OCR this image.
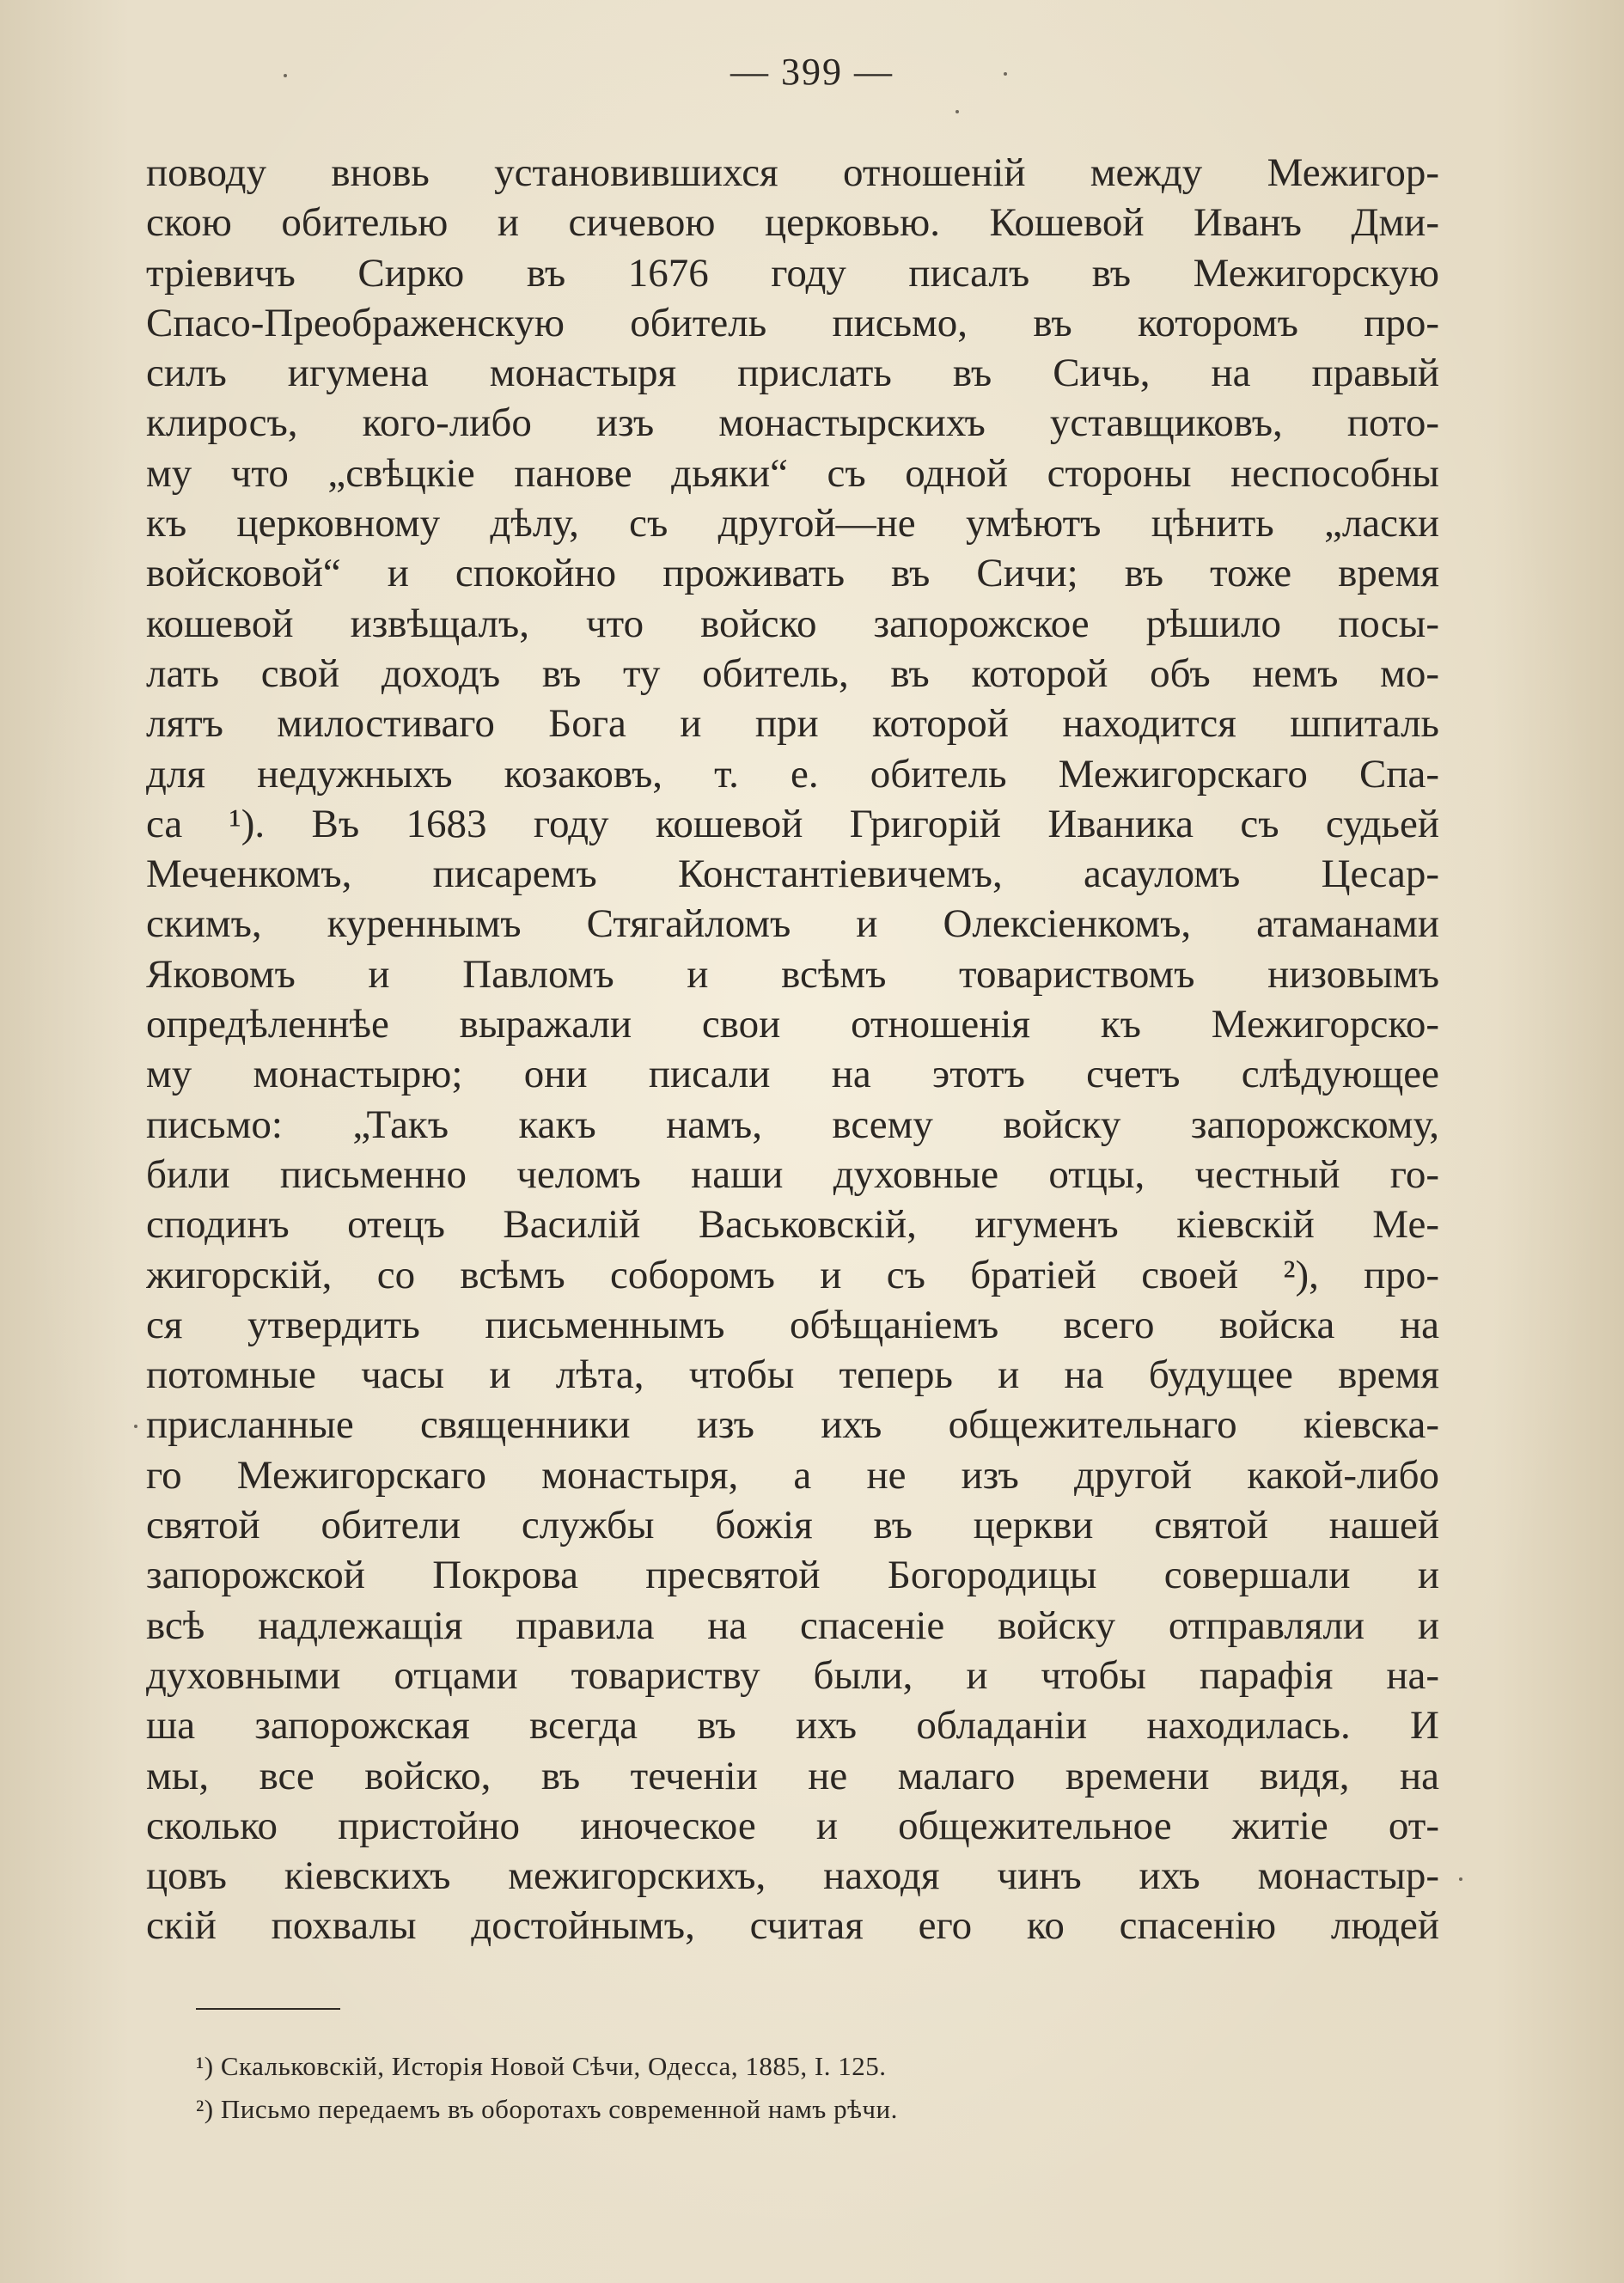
— 399 —
поводу вновь установившихся отношеній между Межигор-
скою обителью и сичевою церковью. Кошевой Иванъ Дми-
тріевичъ Сирко въ 1676 году писалъ въ Межигорскую
Спасо-Преображенскую обитель письмо, въ которомъ про-
силъ игумена монастыря прислать въ Сичь, на правый
клиросъ, кого-либо изъ монастырскихъ уставщиковъ, пото-
му что „свѣцкіе панове дьяки“ съ одной стороны неспособны
къ церковному дѣлу, съ другой—не умѣютъ цѣнить „ласки
войсковой“ и спокойно проживать въ Сичи; въ тоже время
кошевой извѣщалъ, что войско запорожское рѣшило посы-
лать свой доходъ въ ту обитель, въ которой объ немъ мо-
лятъ милостиваго Бога и при которой находится шпиталь
для недужныхъ козаковъ, т. е. обитель Межигорскаго Спа-
са ¹). Въ 1683 году кошевой Григорій Иваника съ судьей
Меченкомъ, писаремъ Константіевичемъ, асауломъ Цесар-
скимъ, куреннымъ Стягайломъ и Олексіенкомъ, атаманами
Яковомъ и Павломъ и всѣмъ товариствомъ низовымъ
опредѣленнѣе выражали свои отношенія къ Межигорско-
му монастырю; они писали на этотъ счетъ слѣдующее
письмо: „Такъ какъ намъ, всему войску запорожскому,
били письменно челомъ наши духовные отцы, честный го-
сподинъ отецъ Василій Васьковскій, игуменъ кіевскій Ме-
жигорскій, со всѣмъ соборомъ и съ братіей своей ²), про-
ся утвердить письменнымъ обѣщаніемъ всего войска на
потомные часы и лѣта, чтобы теперь и на будущее время
присланные священники изъ ихъ общежительнаго кіевска-
го Межигорскаго монастыря, а не изъ другой какой-либо
святой обители службы божія въ церкви святой нашей
запорожской Покрова пресвятой Богородицы совершали и
всѣ надлежащія правила на спасеніе войску отправляли и
духовными отцами товариству были, и чтобы парафія на-
ша запорожская всегда въ ихъ обладаніи находилась. И
мы, все войско, въ теченіи не малаго времени видя, на
сколько пристойно иноческое и общежительное житіе от-
цовъ кіевскихъ межигорскихъ, находя чинъ ихъ монастыр-
скій похвалы достойнымъ, считая его ко спасенію людей
¹) Скальковскій, Исторія Новой Сѣчи, Одесса, 1885, I. 125.
²) Письмо передаемъ въ оборотахъ современной намъ рѣчи.
